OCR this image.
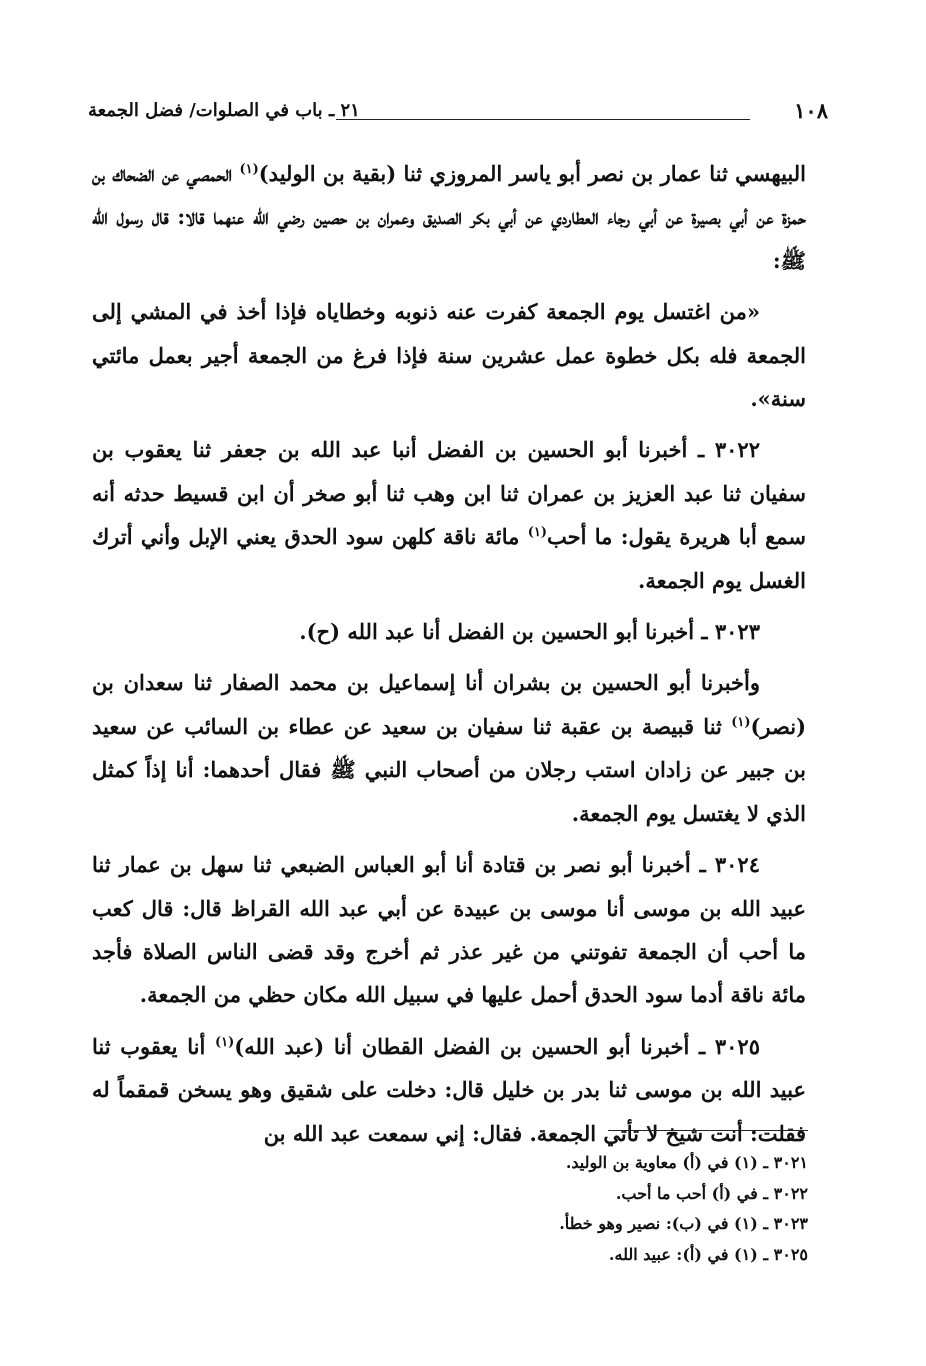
١٠٨
٢١ ـ باب في الصلوات/ فضل الجمعة

البيهسي ثنا عمار بن نصر أبو ياسر المروزي ثنا (بقية بن الوليد)$^{(١)}$ الحمصي عن الضحاك بن حمزة عن أبي بصيرة عن أبي رجاء العطاردي عن أبي بكر الصديق وعمران بن حصين رضي الله عنهما قالا: قال رسول الله ﷺ:

«من اغتسل يوم الجمعة كفرت عنه ذنوبه وخطاياه فإذا أخذ في المشي إلى الجمعة فله بكل خطوة عمل عشرين سنة فإذا فرغ من الجمعة أجير بعمل مائتي سنة».

٣٠٢٢ ـ أخبرنا أبو الحسين بن الفضل أنبا عبد الله بن جعفر ثنا يعقوب بن سفيان ثنا عبد العزيز بن عمران ثنا ابن وهب ثنا أبو صخر أن ابن قسيط حدثه أنه سمع أبا هريرة يقول: ما أحب$^{(١)}$ مائة ناقة كلهن سود الحدق يعني الإبل وأني أترك الغسل يوم الجمعة.

٣٠٢٣ ـ أخبرنا أبو الحسين بن الفضل أنا عبد الله (ح).

وأخبرنا أبو الحسين بن بشران أنا إسماعيل بن محمد الصفار ثنا سعدان بن (نصر)$^{(١)}$ ثنا قبيصة بن عقبة ثنا سفيان بن سعيد عن عطاء بن السائب عن سعيد بن جبير عن زادان استب رجلان من أصحاب النبي ﷺ فقال أحدهما: أنا إذاً كمثل الذي لا يغتسل يوم الجمعة.

٣٠٢٤ ـ أخبرنا أبو نصر بن قتادة أنا أبو العباس الضبعي ثنا سهل بن عمار ثنا عبيد الله بن موسى أنا موسى بن عبيدة عن أبي عبد الله القراظ قال: قال كعب ما أحب أن الجمعة تفوتني من غير عذر ثم أخرج وقد قضى الناس الصلاة فأجد مائة ناقة أدما سود الحدق أحمل عليها في سبيل الله مكان حظي من الجمعة.

٣٠٢٥ ـ أخبرنا أبو الحسين بن الفضل القطان أنا (عبد الله)$^{(١)}$ أنا يعقوب ثنا عبيد الله بن موسى ثنا بدر بن خليل قال: دخلت على شقيق وهو يسخن قمقماً له فقلت: أنت شيخ لا تأتي الجمعة. فقال: إني سمعت عبد الله بن

٣٠٢١ ـ (١) في (أ) معاوية بن الوليد.
٣٠٢٢ ـ في (أ) أحب ما أحب.
٣٠٢٣ ـ (١) في (ب): نصير وهو خطأ.
٣٠٢٥ ـ (١) في (أ): عبيد الله.
